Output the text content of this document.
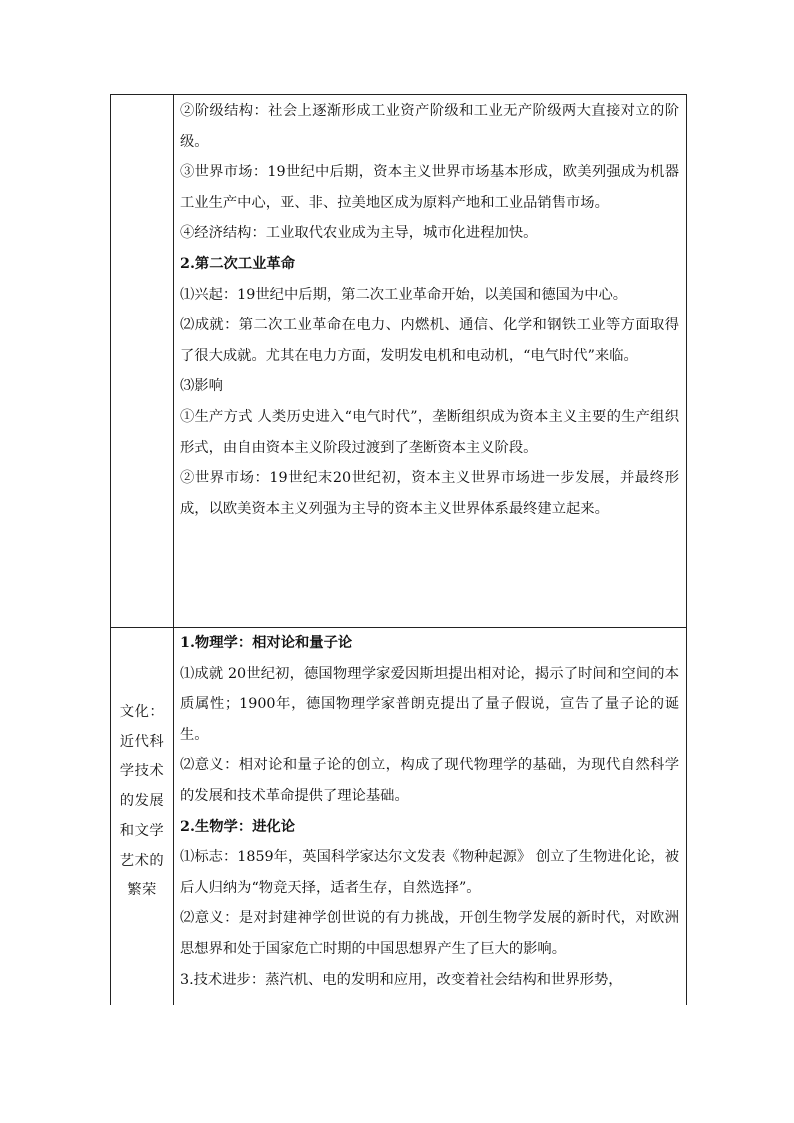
②阶级结构：社会上逐渐形成工业资产阶级和工业无产阶级两大直接对立的阶级。

③世界市场：19世纪中后期，资本主义世界市场基本形成，欧美列强成为机器工业生产中心，亚、非、拉美地区成为原料产地和工业品销售市场。

④经济结构：工业取代农业成为主导，城市化进程加快。

2.第二次工业革命

⑴兴起：19世纪中后期，第二次工业革命开始，以美国和德国为中心。

⑵成就：第二次工业革命在电力、内燃机、通信、化学和钢铁工业等方面取得了很大成就。尤其在电力方面，发明发电机和电动机，“电气时代”来临。

⑶影响

①生产方式 人类历史进入“电气时代”，垄断组织成为资本主义主要的生产组织形式，由自由资本主义阶段过渡到了垄断资本主义阶段。

②世界市场：19世纪末20世纪初，资本主义世界市场进一步发展，并最终形成，以欧美资本主义列强为主导的资本主义世界体系最终建立起来。

文化：近代科学技术的发展和文学艺术的繁荣

1.物理学：相对论和量子论

⑴成就 20世纪初，德国物理学家爱因斯坦提出相对论，揭示了时间和空间的本质属性；1900年，德国物理学家普朗克提出了量子假说，宣告了量子论的诞生。

⑵意义：相对论和量子论的创立，构成了现代物理学的基础，为现代自然科学的发展和技术革命提供了理论基础。

2.生物学：进化论

⑴标志：1859年，英国科学家达尔文发表《物种起源》 创立了生物进化论，被后人归纳为“物竞天择，适者生存，自然选择”。

⑵意义：是对封建神学创世说的有力挑战，开创生物学发展的新时代，对欧洲思想界和处于国家危亡时期的中国思想界产生了巨大的影响。

3.技术进步：蒸汽机、电的发明和应用，改变着社会结构和世界形势，
